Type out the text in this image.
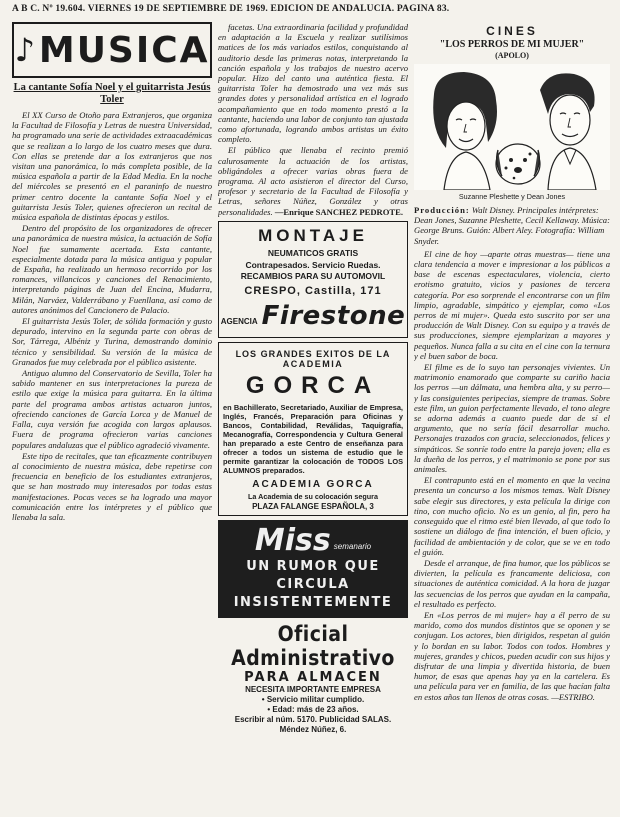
A B C. Nº 19.604. VIERNES 19 DE SEPTIEMBRE DE 1969. EDICION DE ANDALUCIA. PAGINA 83.
♪ MUSICA
La cantante Sofía Noel y el guitarrista Jesús Toler

El XX Curso de Otoño para Extranjeros, que organiza la Facultad de Filosofía y Letras de nuestra Universidad, ha programado una serie de actividades extraacadémicas que se realizan a lo largo de los cuatro meses que dura. Con ellas se pretende dar a los extranjeros que nos visitan una panorámica, lo más completa posible, de la música española a partir de la Edad Media. En la noche del miércoles se presentó en el paraninfo de nuestro primer centro docente la cantante Sofía Noel y el guitarrista Jesús Toler, quienes ofrecieron un recital de música española de distintas épocas y estilos.

Dentro del propósito de los organizadores de ofrecer una panorámica de nuestra música, la actuación de Sofía Noel fue sumamente acertada. Esta cantante, especialmente dotada para la música antigua y popular de España, ha realizado un hermoso recorrido por los romances, villancicos y canciones del Renacimiento, interpretando páginas de Juan del Encina, Mudarra, Milán, Narváez, Valderrábano y Fuenllana, así como de autores anónimos del Cancionero de Palacio.

El guitarrista Jesús Toler, de sólida formación y gusto depurado, intervino en la segunda parte con obras de Sor, Tárrega, Albéniz y Turina, demostrando dominio técnico y sensibilidad. Su versión de la música de Granados fue muy celebrada por el público asistente.

Antiguo alumno del Conservatorio de Sevilla, Toler ha sabido mantener en sus interpretaciones la pureza de estilo que exige la música para guitarra. En la última parte del programa ambos artistas actuaron juntos, ofreciendo canciones de García Lorca y de Manuel de Falla, cuya versión fue acogida con largos aplausos. Fuera de programa ofrecieron varias canciones populares andaluzas que el público agradeció vivamente.

Este tipo de recitales, que tan eficazmente contribuyen al conocimiento de nuestra música, debe repetirse con frecuencia en beneficio de los estudiantes extranjeros, que se han mostrado muy interesados por todas estas manifestaciones. Pocas veces se ha logrado una mayor comunicación entre los intérpretes y el público que llenaba la sala.

facetas. Una extraordinaria facilidad y profundidad en adaptación a la Escuela y realizar sutilísimos matices de los más variados estilos, conquistando al auditorio desde las primeras notas, interpretando la canción española y los trabajos de nuestro acervo popular. Hizo del canto una auténtica fiesta. El guitarrista Toler ha demostrado una vez más sus grandes dotes y personalidad artística en el logrado acompañamiento que en todo momento prestó a la cantante, haciendo una labor de conjunto tan ajustada como afortunada, logrando ambos artistas un éxito completo.

El público que llenaba el recinto premió calurosamente la actuación de los artistas, obligándoles a ofrecer varias obras fuera de programa. Al acto asistieron el director del Curso, profesor y secretario de la Facultad de Filosofía y Letras, señores Núñez, González y otras personalidades. —Enrique SANCHEZ PEDROTE.

MONTAJE
NEUMATICOS GRATIS
Contrapesados. Servicio Ruedas.
RECAMBIOS PARA SU AUTOMOVIL
CRESPO, Castilla, 171
AGENCIA Firestone
LOS GRANDES EXITOS DE LA
ACADEMIA
GORCA
en Bachillerato, Secretariado, Auxiliar de Empresa, Inglés, Francés, Preparación para Oficinas y Bancos, Contabilidad, Reválidas, Taquigrafía, Mecanografía, Correspondencia y Cultura General han preparado a este Centro de enseñanza para ofrecer a todos un sistema de estudio que le permite garantizar la colocación de TODOS LOS ALUMNOS preparados.
ACADEMIA GORCA
La Academia de su colocación segura
PLAZA FALANGE ESPAÑOLA, 3
Miss semanario
UN RUMOR QUE
CIRCULA
INSISTENTEMENTE
Oficial Administrativo
PARA ALMACEN
NECESITA IMPORTANTE EMPRESA
• Servicio militar cumplido.
• Edad: más de 23 años.
Escribir al núm. 5170. Publicidad SALAS.
Méndez Núñez, 6.
CINES
"LOS PERROS DE MI MUJER"
(APOLO)
Suzanne Pleshette y Dean Jones
Producción: Walt Disney. Principales intérpretes: Dean Jones, Suzanne Pleshette, Cecil Kellaway. Música: George Bruns. Guión: Albert Aley. Fotografía: William Snyder.

El cine de hoy —aparte otras muestras— tiene una clara tendencia a mover e impresionar a los públicos a base de escenas espectaculares, violencia, cierto erotismo gratuito, vicios y pasiones de tercera categoría. Por eso sorprende el encontrarse con un film limpio, agradable, simpático y ejemplar, como «Los perros de mi mujer». Queda esto suscrito por ser una producción de Walt Disney. Con su equipo y a través de sus producciones, siempre ejemplarizan a mayores y pequeños. Nunca falla a su cita en el cine con la ternura y el buen sabor de boca.

El filme es de lo suyo tan personajes vivientes. Un matrimonio enamorado que comparte su cariño hacia los perros —un dálmata, una hembra alta, y su perro— y las consiguientes peripecias, siempre de tramas. Sobre este film, un guion perfectamente llevado, el tono alegre se adorna además a cuanto puede dar de sí el argumento, que no sería fácil desarrollar mucho. Personajes trazados con gracia, seleccionados, felices y simpáticos. Se sonríe todo entre la pareja joven; ella es la dueña de los perros, y el matrimonio se pone por sus animales.

El contrapunto está en el momento en que la vecina presenta un concurso a los mismos temas. Walt Disney sabe elegir sus directores, y esta película la dirige con tino, con mucho oficio. No es un genio, al fin, pero ha conseguido que el ritmo esté bien llevado, al que todo lo sostiene un diálogo de fina intención, el buen oficio, y facilidad de ambientación y de color, que se ve en todo el guión.

Desde el arranque, de fina humor, que los públicos se divierten, la película es francamente deliciosa, con situaciones de auténtica comicidad. A la hora de juzgar las secuencias de los perros que ayudan en la campaña, el resultado es perfecto.

En «Los perros de mi mujer» hay a él perro de su marido, como dos mundos distintos que se oponen y se conjugan. Los actores, bien dirigidos, respetan al guión y lo bordan en su labor. Todos con todos. Hombres y mujeres, grandes y chicos, pueden acudir con sus hijos y disfrutar de una limpia y divertida historia, de buen humor, de esas que apenas hay ya en la cartelera. Es una película para ver en familia, de las que hacían falta en estos años tan llenos de otras cosas. —ESTRIBO.
